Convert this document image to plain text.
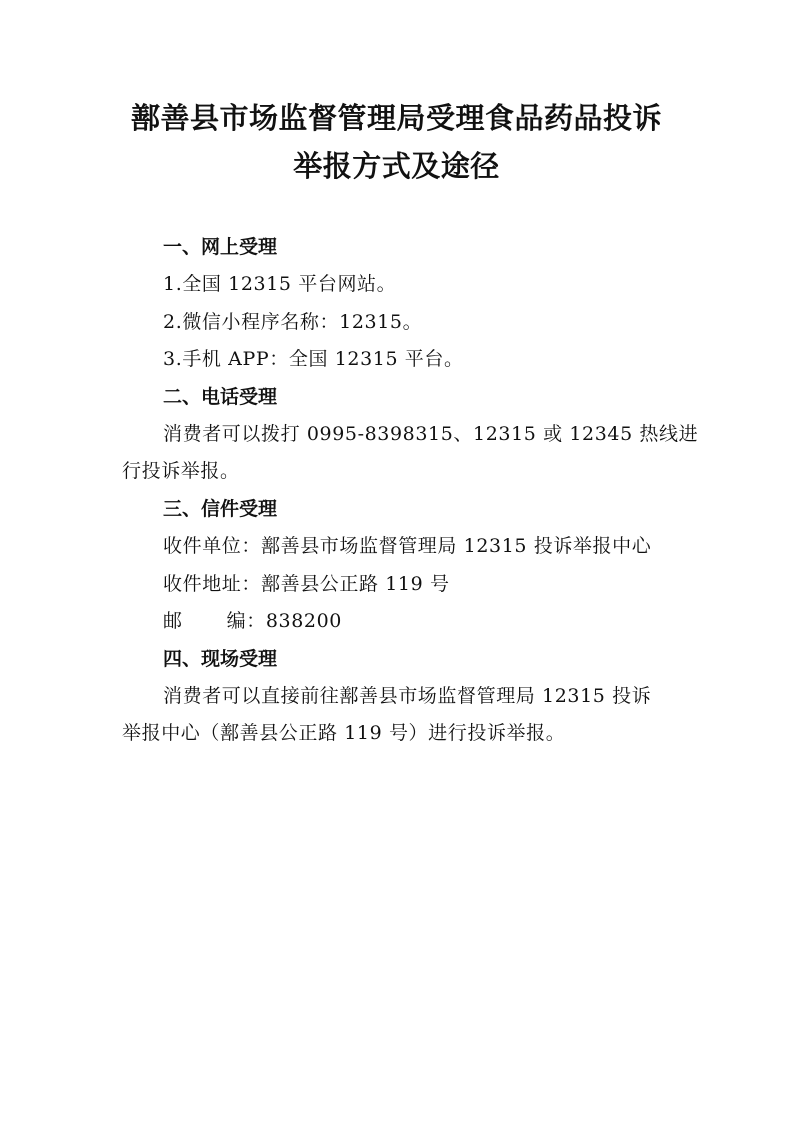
鄯善县市场监督管理局受理食品药品投诉
举报方式及途径
一、网上受理
1.全国 12315 平台网站。
2.微信小程序名称：12315。
3.手机 APP：全国 12315 平台。
二、电话受理
消费者可以拨打 0995-8398315、12315 或 12345 热线进
行投诉举报。
三、信件受理
收件单位：鄯善县市场监督管理局 12315 投诉举报中心
收件地址：鄯善县公正路 119 号
邮 编：838200
四、现场受理
消费者可以直接前往鄯善县市场监督管理局 12315 投诉
举报中心（鄯善县公正路 119 号）进行投诉举报。
